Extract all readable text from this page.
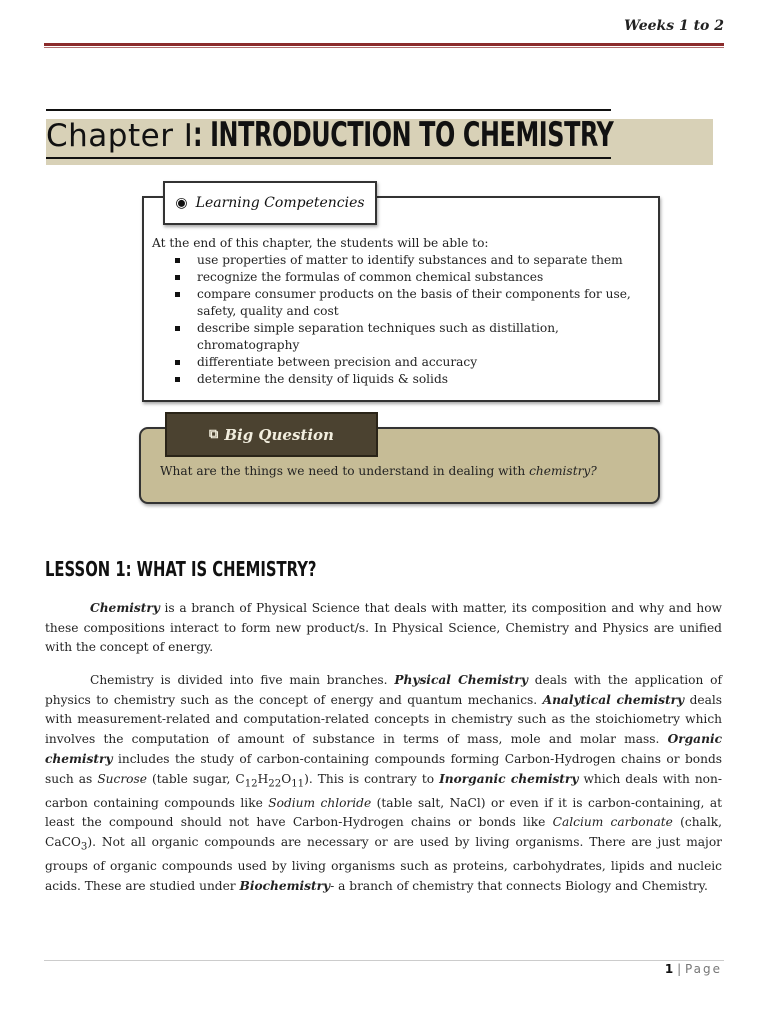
Weeks 1 to 2
Chapter I: INTRODUCTION TO CHEMISTRY
◉ Learning Competencies
At the end of this chapter, the students will be able to:
use properties of matter to identify substances and to separate them
recognize the formulas of common chemical substances
compare consumer products on the basis of their components for use, safety, quality and cost
describe simple separation techniques such as distillation, chromatography
differentiate between precision and accuracy
determine the density of liquids & solids
⧉ Big Question
What are the things we need to understand in dealing with chemistry?
LESSON 1: WHAT IS CHEMISTRY?

Chemistry is a branch of Physical Science that deals with matter, its composition and why and how these compositions interact to form new product/s. In Physical Science, Chemistry and Physics are unified with the concept of energy.

Chemistry is divided into five main branches. Physical Chemistry deals with the application of physics to chemistry such as the concept of energy and quantum mechanics. Analytical chemistry deals with measurement-related and computation-related concepts in chemistry such as the stoichiometry which involves the computation of amount of substance in terms of mass, mole and molar mass. Organic chemistry includes the study of carbon-containing compounds forming Carbon-Hydrogen chains or bonds such as Sucrose (table sugar, $C_{12}H_{22}O_{11}$). This is contrary to Inorganic chemistry which deals with non-carbon containing compounds like Sodium chloride (table salt, NaCl) or even if it is carbon-containing, at least the compound should not have Carbon-Hydrogen chains or bonds like Calcium carbonate (chalk, CaCO$_3$). Not all organic compounds are necessary or are used by living organisms. There are just major groups of organic compounds used by living organisms such as proteins, carbohydrates, lipids and nucleic acids. These are studied under Biochemistry- a branch of chemistry that connects Biology and Chemistry.

1 | Page
